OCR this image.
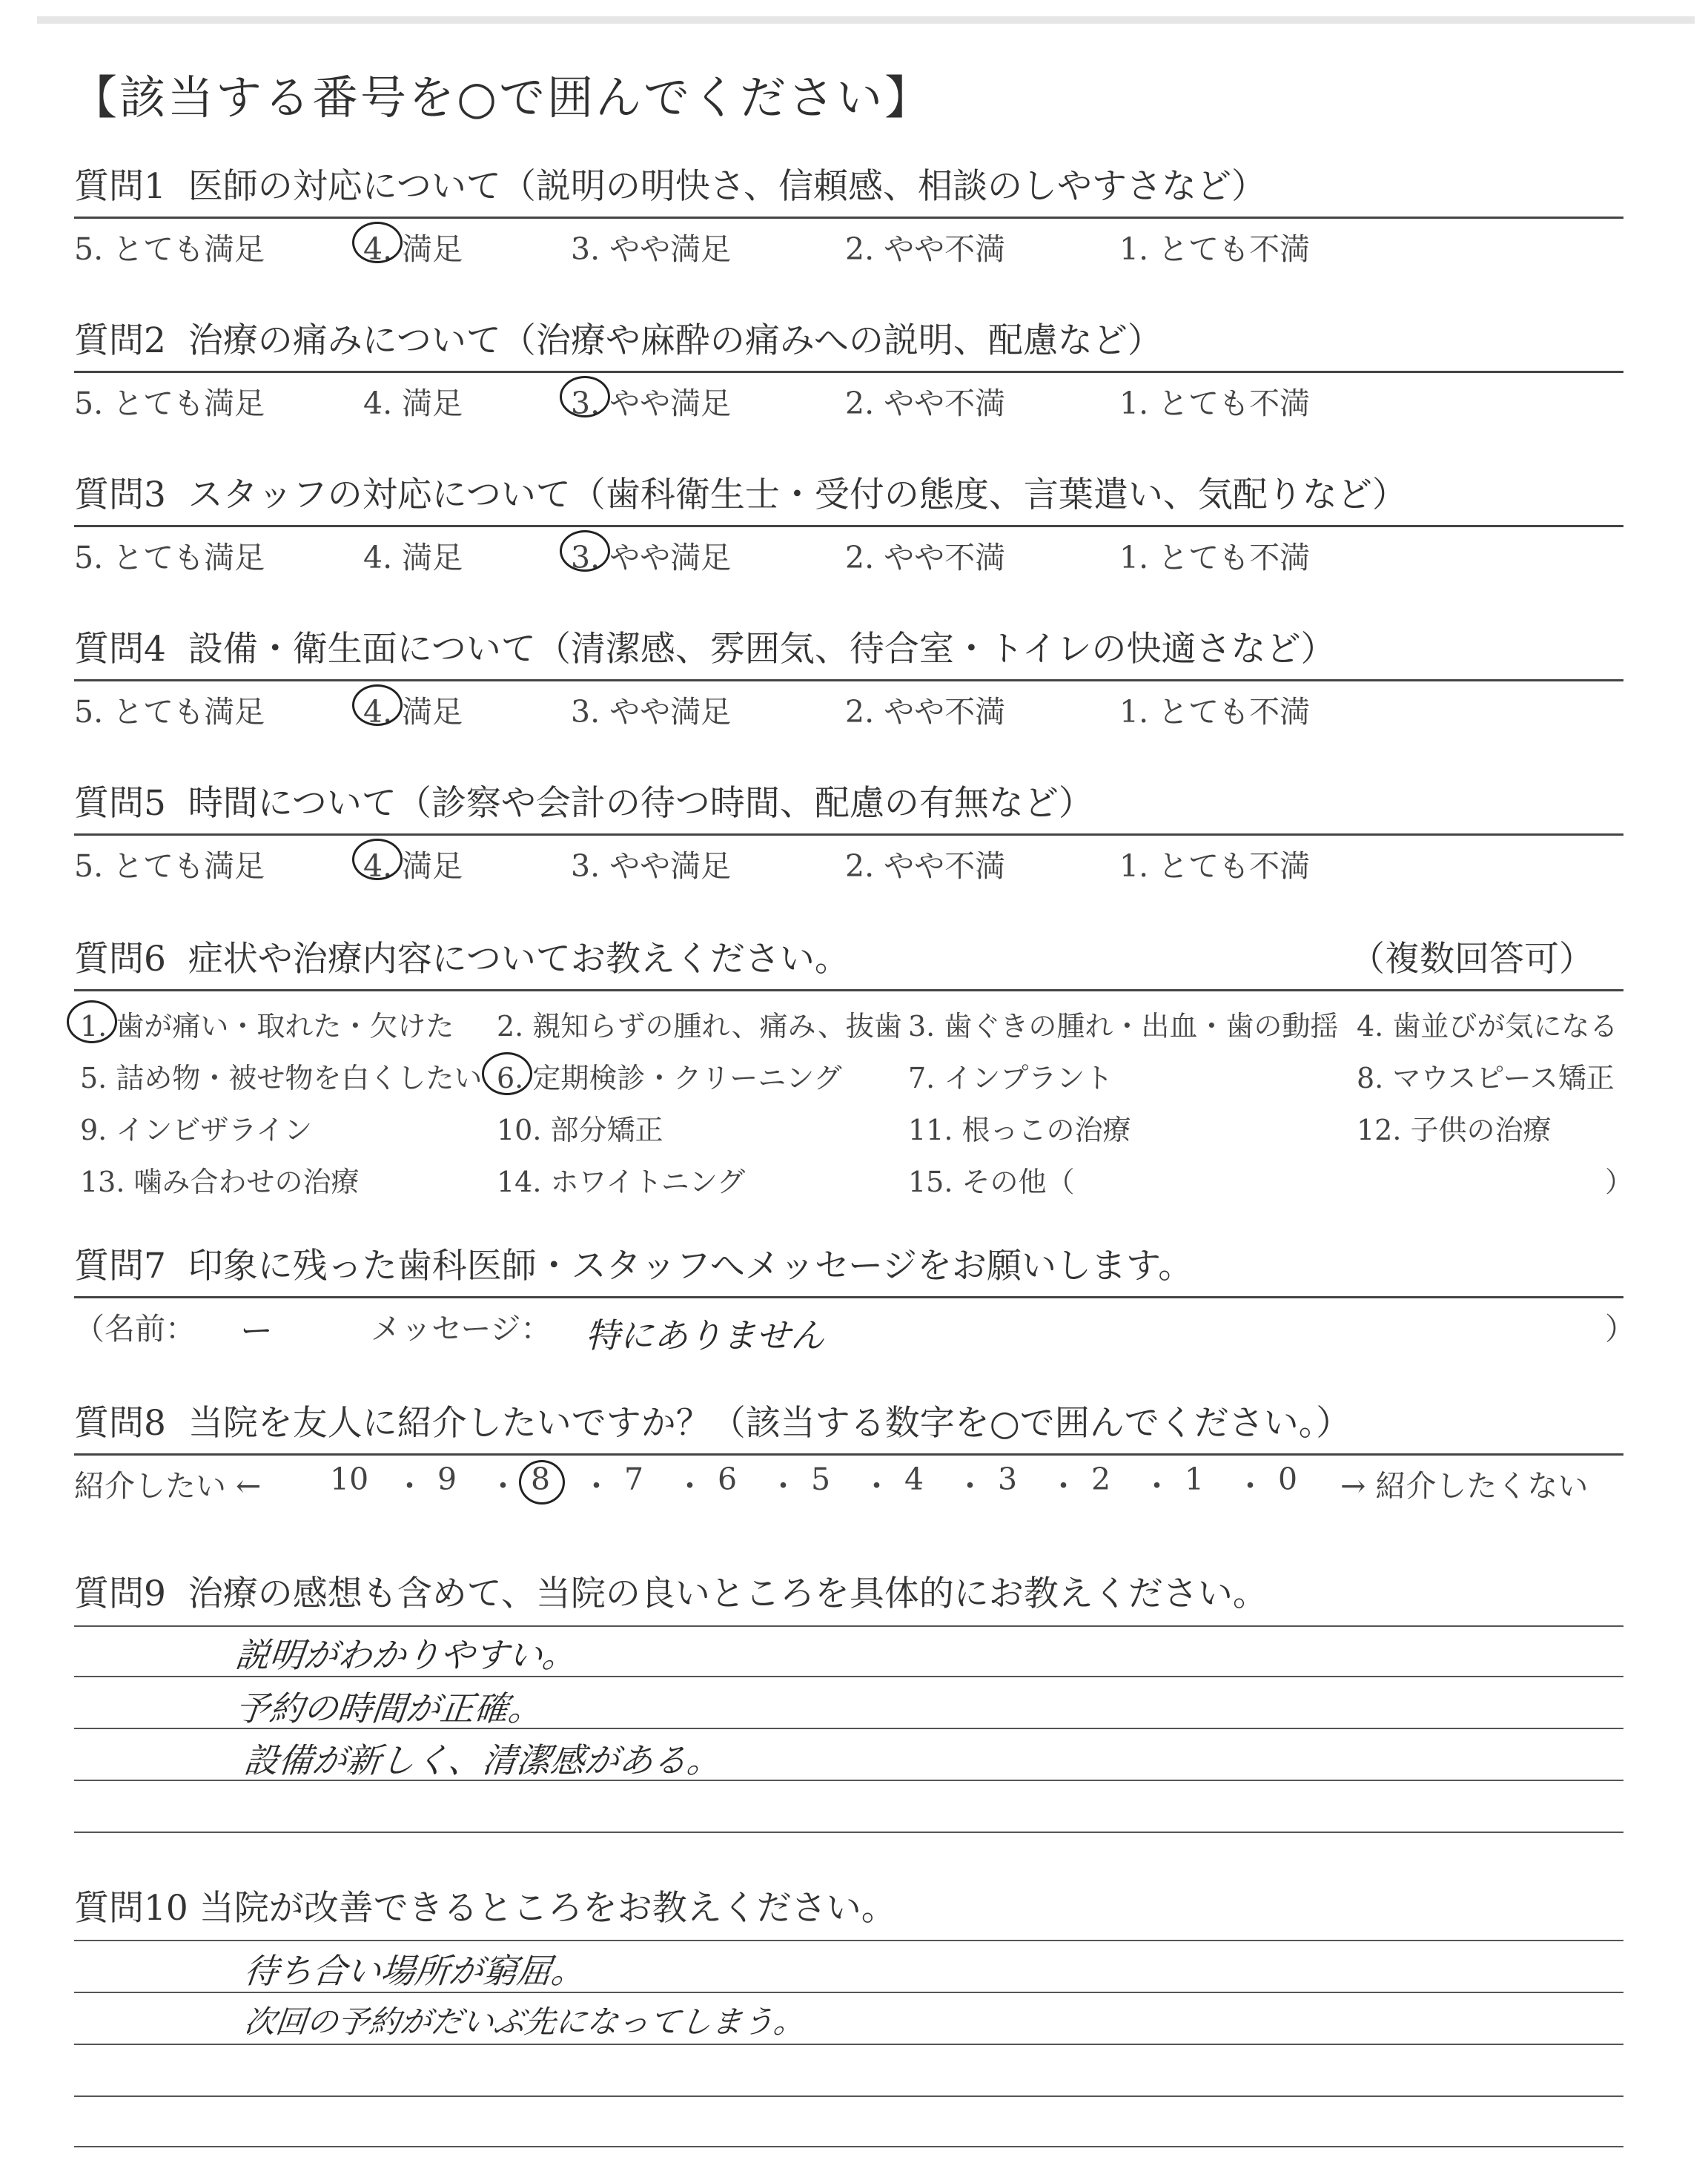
【該当する番号を○で囲んでください】
質問1 医師の対応について（説明の明快さ、信頼感、相談のしやすさなど）
5. とても満足	4. 満足	3. やや満足	2. やや不満	1. とても不満
質問2 治療の痛みについて（治療や麻酔の痛みへの説明、配慮など）
5. とても満足	4. 満足	3. やや満足	2. やや不満	1. とても不満
質問3 スタッフの対応について（歯科衛生士・受付の態度、言葉遣い、気配りなど）
5. とても満足	4. 満足	3. やや満足	2. やや不満	1. とても不満
質問4 設備・衛生面について（清潔感、雰囲気、待合室・トイレの快適さなど）
5. とても満足	4. 満足	3. やや満足	2. やや不満	1. とても不満
質問5 時間について（診察や会計の待つ時間、配慮の有無など）
5. とても満足	4. 満足	3. やや満足	2. やや不満	1. とても不満
質問6 症状や治療内容についてお教えください。	（複数回答可）
1. 歯が痛い・取れた・欠けた 2. 親知らずの腫れ、痛み、抜歯 3. 歯ぐきの腫れ・出血・歯の動揺 4. 歯並びが気になる
5. 詰め物・被せ物を白くしたい 6. 定期検診・クリーニング 7. インプラント	8. マウスピース矯正
9. インビザライン	10. 部分矯正	11. 根っこの治療	12. 子供の治療
13. 噛み合わせの治療	14. ホワイトニング	15. その他（	）
質問7 印象に残った歯科医師・スタッフへメッセージをお願いします。
（名前： ー	メッセージ： 特にありません	）
質問8 当院を友人に紹介したいですか？（該当する数字を○で囲んでください。）
紹介したい ← 10 ・ 9 ・ 8 ・ 7 ・ 6 ・ 5 ・ 4 ・ 3 ・ 2 ・ 1 ・ 0 → 紹介したくない
質問9 治療の感想も含めて、当院の良いところを具体的にお教えください。
説明がわかりやすい。
予約の時間が正確。
設備が新しく、清潔感がある。
質問10 当院が改善できるところをお教えください。
待ち合い場所が窮屈。
次回の予約がだいぶ先になってしまう。
